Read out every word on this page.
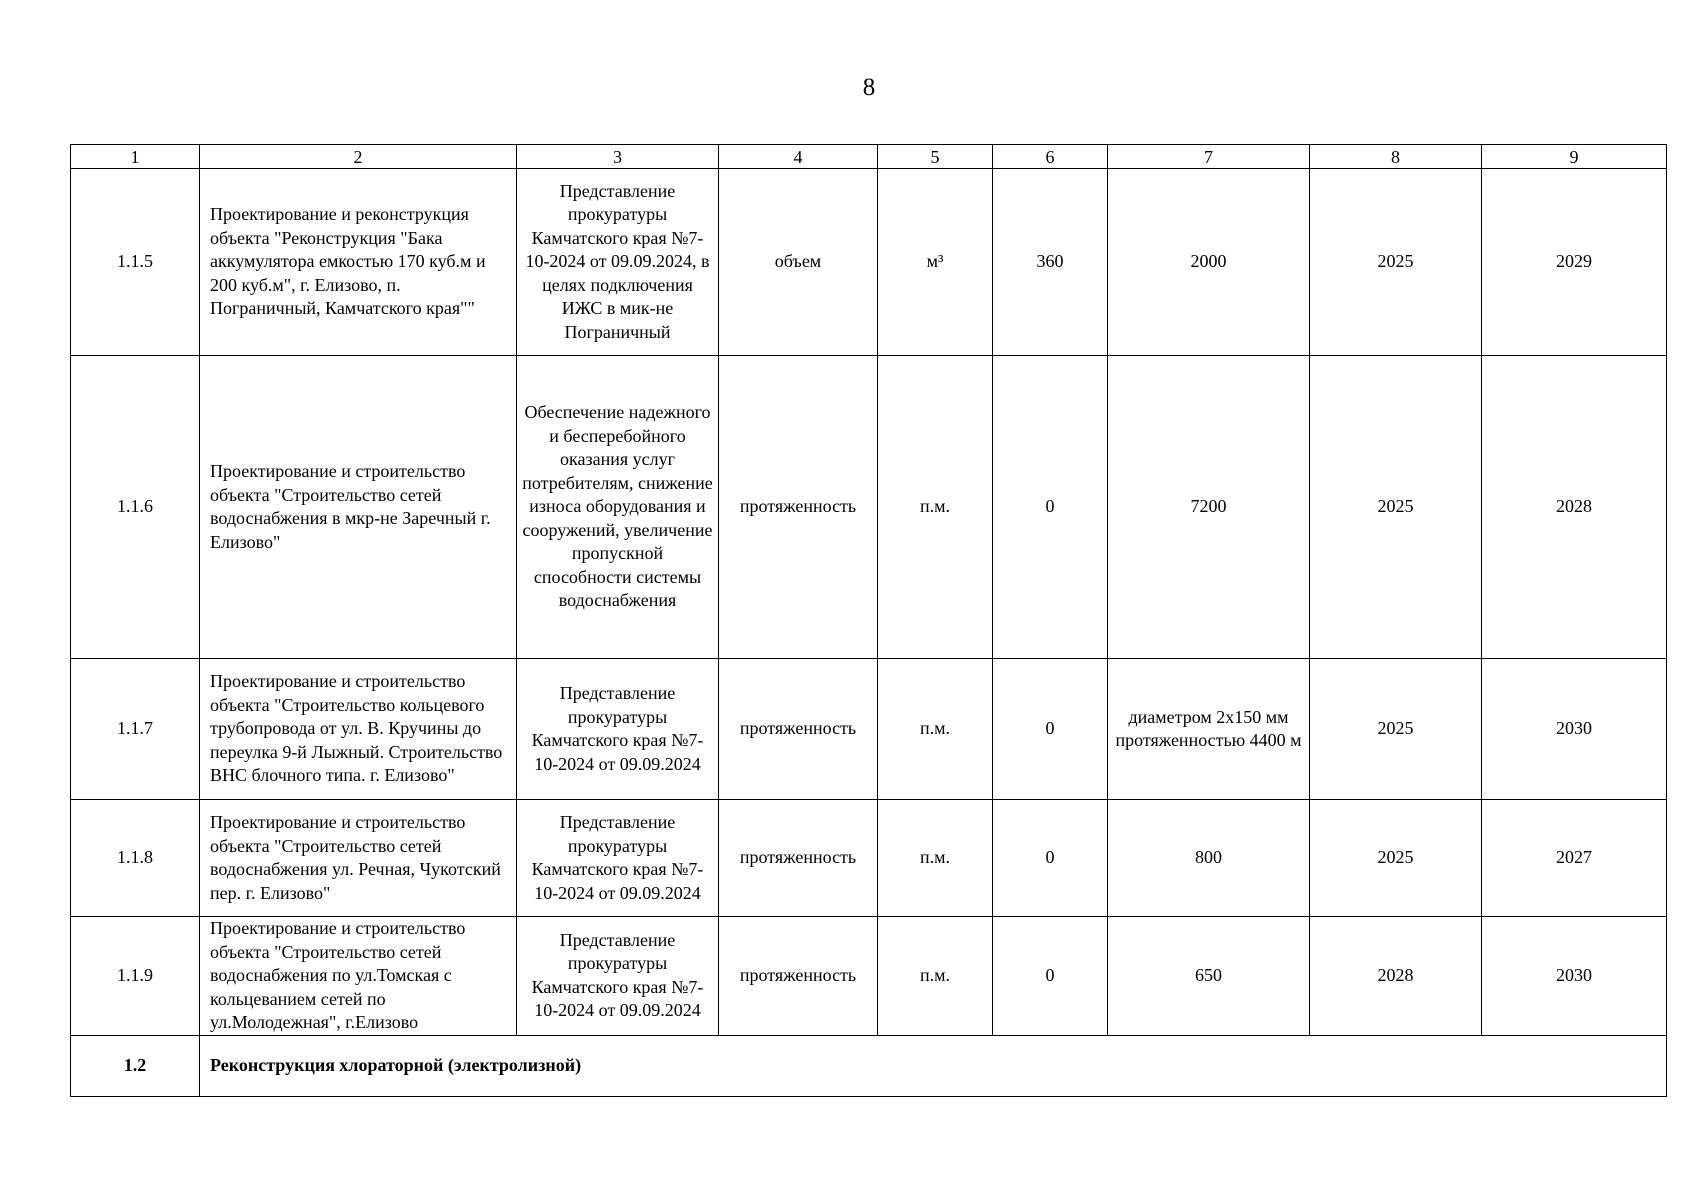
8
1	2	3	4	5	6	7	8	9
1.1.5	Проектирование и реконструкция объекта "Реконструкция "Бака аккумулятора емкостью 170 куб.м и 200 куб.м", г. Елизово, п. Пограничный, Камчатского края""	Представление прокуратуры Камчатского края №7-10-2024 от 09.09.2024, в целях подключения ИЖС в мик-не Пограничный	объем	м³	360	2000	2025	2029
1.1.6	Проектирование и строительство объекта "Строительство сетей водоснабжения в мкр-не Заречный г. Елизово"	Обеспечение надежного и бесперебойного оказания услуг потребителям, снижение износа оборудования и сооружений, увеличение пропускной способности системы водоснабжения	протяженность	п.м.	0	7200	2025	2028
1.1.7	Проектирование и строительство объекта "Строительство кольцевого трубопровода от ул. В. Кручины до переулка 9-й Лыжный. Строительство ВНС блочного типа. г. Елизово"	Представление прокуратуры Камчатского края №7-10-2024 от 09.09.2024	протяженность	п.м.	0	диаметром 2х150 мм протяженностью 4400 м	2025	2030
1.1.8	Проектирование и строительство объекта "Строительство сетей водоснабжения ул. Речная, Чукотский пер. г. Елизово"	Представление прокуратуры Камчатского края №7-10-2024 от 09.09.2024	протяженность	п.м.	0	800	2025	2027
1.1.9	Проектирование и строительство объекта "Строительство сетей водоснабжения по ул.Томская с кольцеванием сетей по ул.Молодежная", г.Елизово	Представление прокуратуры Камчатского края №7-10-2024 от 09.09.2024	протяженность	п.м.	0	650	2028	2030
1.2	Реконструкция хлораторной (электролизной)							
